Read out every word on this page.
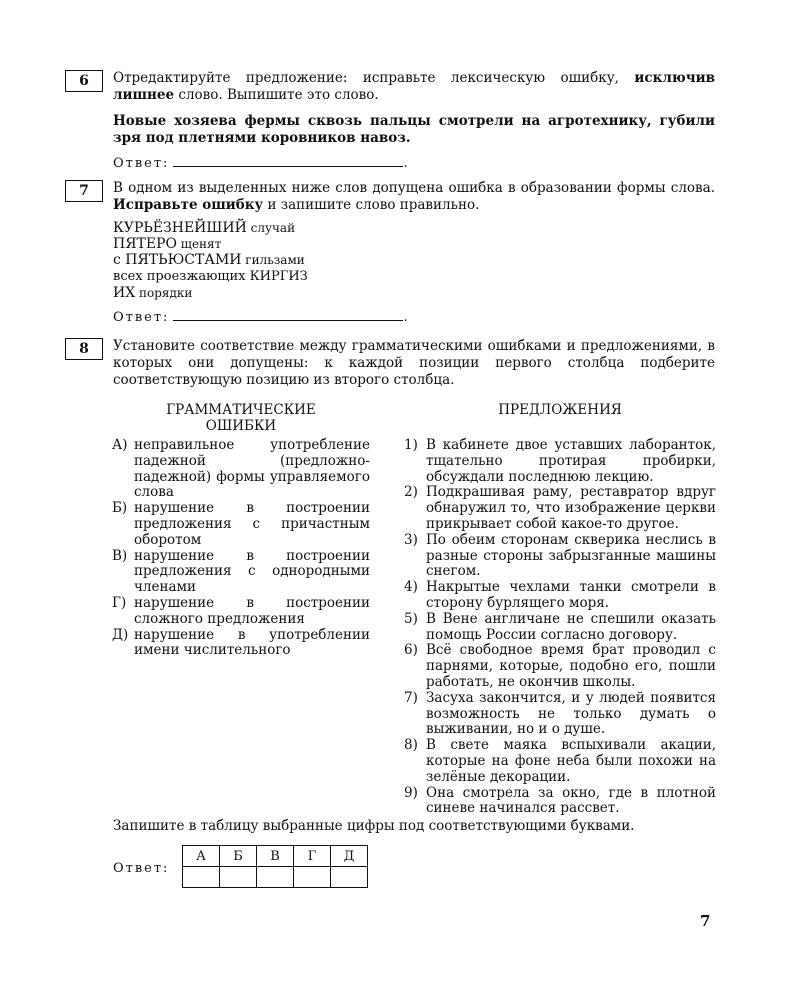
6	Отредактируйте предложение: исправьте лексическую ошибку, исключив лишнее слово. Выпишите это слово.
Новые хозяева фермы сквозь пальцы смотрели на агротехнику, губили зря под плетнями коровников навоз.
Ответ:	.
7	В одном из выделенных ниже слов допущена ошибка в образовании формы слова. Исправьте ошибку и запишите слово правильно.
КУРЬЁЗНЕЙШИЙ случай
ПЯТЕРО щенят
с ПЯТЬЮСТАМИ гильзами
всех проезжающих КИРГИЗ
ИХ порядки
Ответ:	.
8	Установите соответствие между грамматическими ошибками и предложениями, в которых они допущены: к каждой позиции первого столбца подберите соответствующую позицию из второго столбца.
ГРАММАТИЧЕСКИЕ ОШИБКИ
А) неправильное употребление падежной (предложно-падежной) формы управляемого слова
Б) нарушение в построении предложения с причастным оборотом
В) нарушение в построении предложения с однородными членами
Г) нарушение в построении сложного предложения
Д) нарушение в употреблении имени числительного
ПРЕДЛОЖЕНИЯ
1) В кабинете двое уставших лаборанток, тщательно протирая пробирки, обсуждали последнюю лекцию.
2) Подкрашивая раму, реставратор вдруг обнаружил то, что изображение церкви прикрывает собой какое-то другое.
3) По обеим сторонам скверика неслись в разные стороны забрызганные машины снегом.
4) Накрытые чехлами танки смотрели в сторону бурлящего моря.
5) В Вене англичане не спешили оказать помощь России согласно договору.
6) Всё свободное время брат проводил с парнями, которые, подобно его, пошли работать, не окончив школы.
7) Засуха закончится, и у людей появится возможность не только думать о выживании, но и о душе.
8) В свете маяка вспыхивали акации, которые на фоне неба были похожи на зелёные декорации.
9) Она смотрела за окно, где в плотной синеве начинался рассвет.
Запишите в таблицу выбранные цифры под соответствующими буквами.
Ответ:
А	Б	В	Г	Д

7
